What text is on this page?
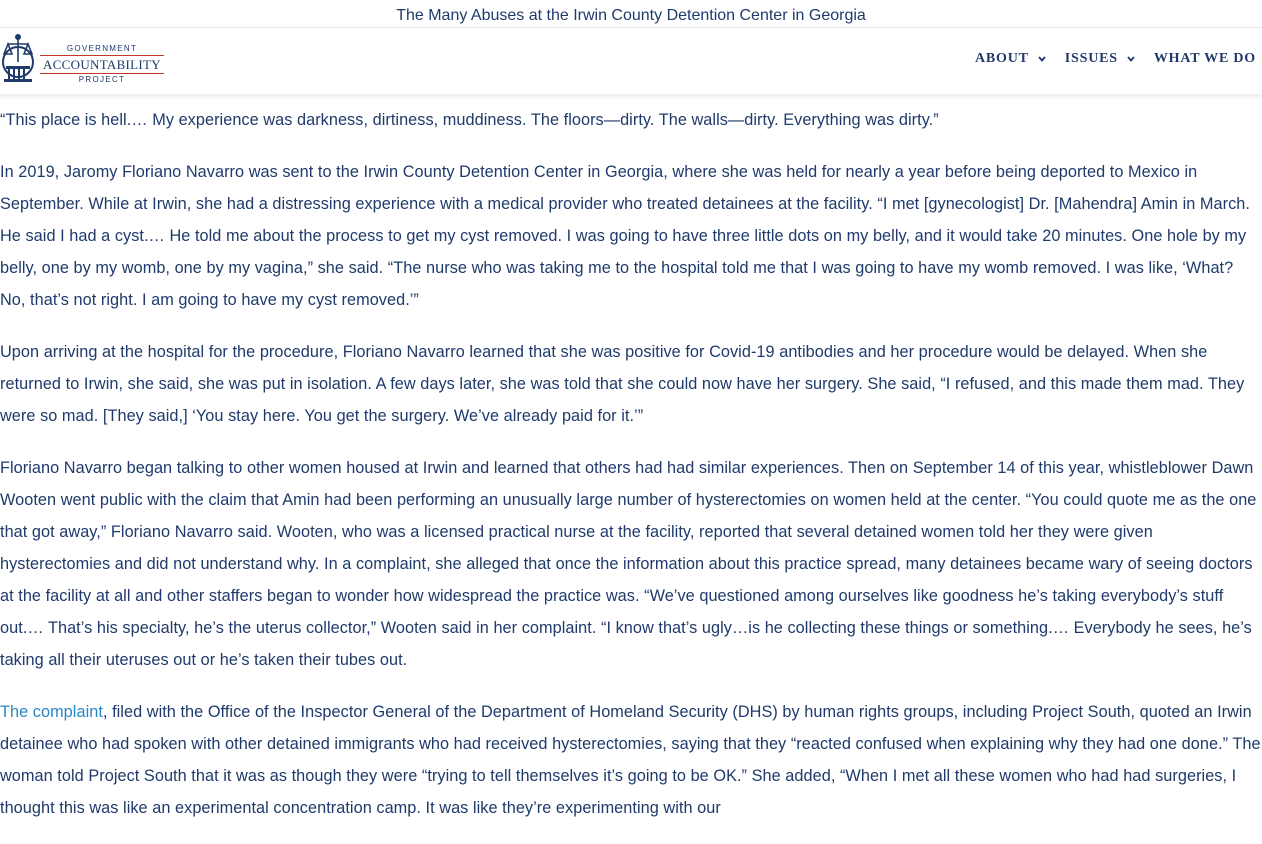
The Many Abuses at the Irwin County Detention Center in Georgia
GOVERNMENT
ACCOUNTABILITY
PROJECT
ABOUT	ISSUES	WHAT WE DO

“This place is hell.… My experience was darkness, dirtiness, muddiness. The floors—dirty. The walls—dirty. Everything was dirty.”

In 2019, Jaromy Floriano Navarro was sent to the Irwin County Detention Center in Georgia, where she was held for nearly a year before being deported to Mexico in September. While at Irwin, she had a distressing experience with a medical provider who treated detainees at the facility. “I met [gynecologist] Dr. [Mahendra] Amin in March. He said I had a cyst.… He told me about the process to get my cyst removed. I was going to have three little dots on my belly, and it would take 20 minutes. One hole by my belly, one by my womb, one by my vagina,” she said. “The nurse who was taking me to the hospital told me that I was going to have my womb removed. I was like, ‘What? No, that’s not right. I am going to have my cyst removed.’”

Upon arriving at the hospital for the procedure, Floriano Navarro learned that she was positive for Covid-19 antibodies and her procedure would be delayed. When she returned to Irwin, she said, she was put in isolation. A few days later, she was told that she could now have her surgery. She said, “I refused, and this made them mad. They were so mad. [They said,] ‘You stay here. You get the surgery. We’ve already paid for it.’”

Floriano Navarro began talking to other women housed at Irwin and learned that others had had similar experiences. Then on September 14 of this year, whistleblower Dawn Wooten went public with the claim that Amin had been performing an unusually large number of hysterectomies on women held at the center. “You could quote me as the one that got away,” Floriano Navarro said. Wooten, who was a licensed practical nurse at the facility, reported that several detained women told her they were given hysterectomies and did not understand why. In a complaint, she alleged that once the information about this practice spread, many detainees became wary of seeing doctors at the facility at all and other staffers began to wonder how widespread the practice was. “We’ve questioned among ourselves like goodness he’s taking everybody’s stuff out.… That’s his specialty, he’s the uterus collector,” Wooten said in her complaint. “I know that’s ugly…is he collecting these things or something.… Everybody he sees, he’s taking all their uteruses out or he’s taken their tubes out.

The complaint, filed with the Office of the Inspector General of the Department of Homeland Security (DHS) by human rights groups, including Project South, quoted an Irwin detainee who had spoken with other detained immigrants who had received hysterectomies, saying that they “reacted confused when explaining why they had one done.” The woman told Project South that it was as though they were “trying to tell themselves it’s going to be OK.” She added, “When I met all these women who had had surgeries, I thought this was like an experimental concentration camp. It was like they’re experimenting with our
